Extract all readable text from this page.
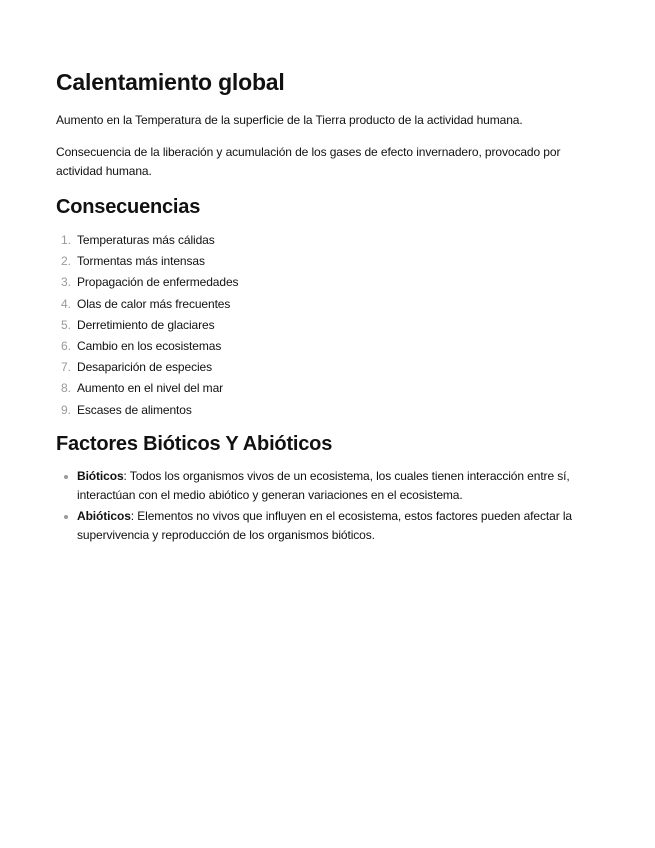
Calentamiento global

Aumento en la Temperatura de la superficie de la Tierra producto de la actividad humana.

Consecuencia de la liberación y acumulación de los gases de efecto invernadero, provocado por actividad humana.

Consecuencias
1. Temperaturas más cálidas
2. Tormentas más intensas
3. Propagación de enfermedades
4. Olas de calor más frecuentes
5. Derretimiento de glaciares
6. Cambio en los ecosistemas
7. Desaparición de especies
8. Aumento en el nivel del mar
9. Escases de alimentos
Factores Bióticos Y Abióticos
Bióticos: Todos los organismos vivos de un ecosistema, los cuales tienen interacción entre sí, interactúan con el medio abiótico y generan variaciones en el ecosistema.
Abióticos: Elementos no vivos que influyen en el ecosistema, estos factores pueden afectar la supervivencia y reproducción de los organismos bióticos.
